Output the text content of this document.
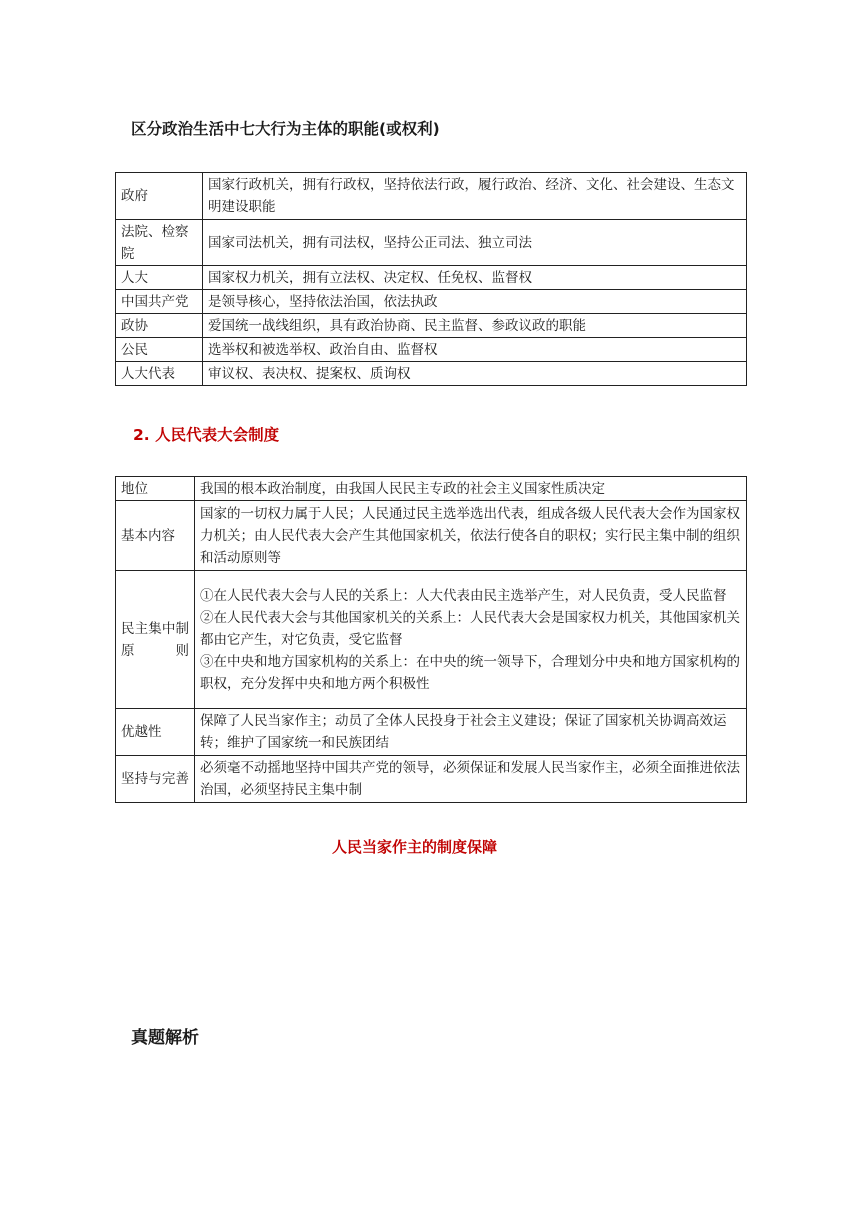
区分政治生活中七大行为主体的职能(或权利)
政府	国家行政机关，拥有行政权，坚持依法行政，履行政治、经济、文化、社会建设、生态文明建设职能
法院、检察院	国家司法机关，拥有司法权，坚持公正司法、独立司法
人大	国家权力机关，拥有立法权、决定权、任免权、监督权
中国共产党	是领导核心，坚持依法治国，依法执政
政协	爱国统一战线组织，具有政治协商、民主监督、参政议政的职能
公民	选举权和被选举权、政治自由、监督权
人大代表	审议权、表决权、提案权、质询权
2. 人民代表大会制度
地位	我国的根本政治制度，由我国人民民主专政的社会主义国家性质决定
基本内容	国家的一切权力属于人民；人民通过民主选举选出代表，组成各级人民代表大会作为国家权力机关；由人民代表大会产生其他国家机关，依法行使各自的职权；实行民主集中制的组织和活动原则等
民主集中制原则	①在人民代表大会与人民的关系上：人大代表由民主选举产生，对人民负责，受人民监督
②在人民代表大会与其他国家机关的关系上：人民代表大会是国家权力机关，其他国家机关都由它产生，对它负责，受它监督
③在中央和地方国家机构的关系上：在中央的统一领导下，合理划分中央和地方国家机构的职权，充分发挥中央和地方两个积极性

优越性	保障了人民当家作主；动员了全体人民投身于社会主义建设；保证了国家机关协调高效运转；维护了国家统一和民族团结
坚持与完善	必须毫不动摇地坚持中国共产党的领导，必须保证和发展人民当家作主，必须全面推进依法治国，必须坚持民主集中制
人民当家作主的制度保障
真题解析
